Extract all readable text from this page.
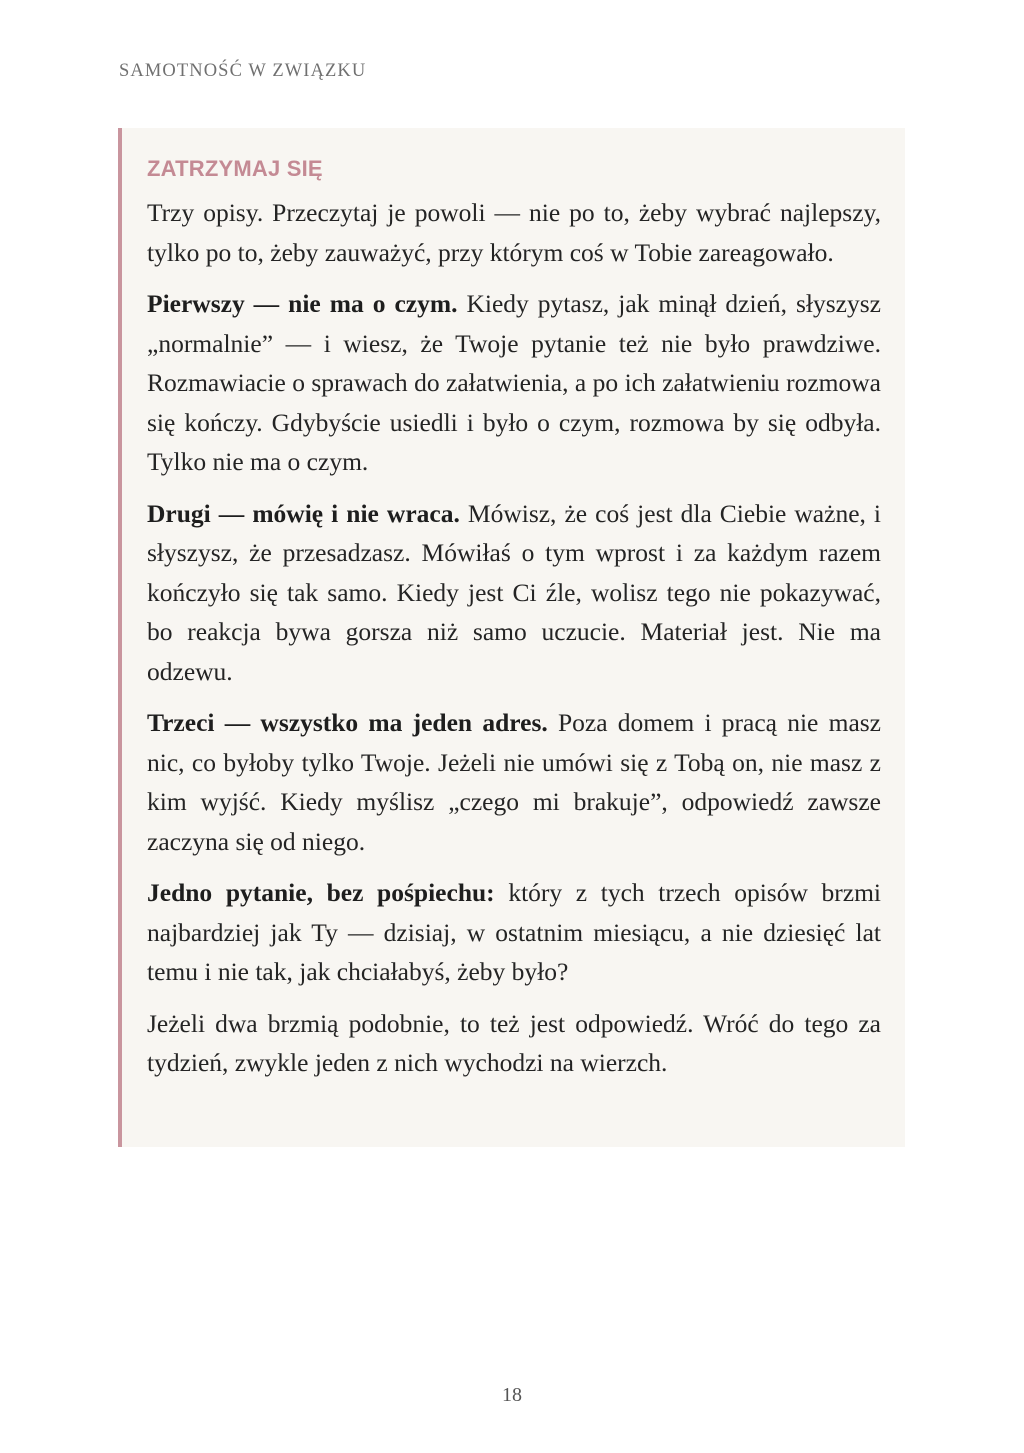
SAMOTNOŚĆ W ZWIĄZKU
ZATRZYMAJ SIĘ

Trzy opisy. Przeczytaj je powoli — nie po to, żeby wybrać najlepszy, tylko po to, żeby zauważyć, przy którym coś w Tobie zareagowało.

Pierwszy — nie ma o czym. Kiedy pytasz, jak minął dzień, słyszysz „normalnie” — i wiesz, że Twoje pytanie też nie było prawdziwe. Rozmawiacie o sprawach do załatwienia, a po ich załatwieniu rozmowa się kończy. Gdybyście usiedli i było o czym, rozmowa by się odbyła. Tylko nie ma o czym.

Drugi — mówię i nie wraca. Mówisz, że coś jest dla Ciebie ważne, i słyszysz, że przesadzasz. Mówiłaś o tym wprost i za każdym razem kończyło się tak samo. Kiedy jest Ci źle, wolisz tego nie pokazywać, bo reakcja bywa gorsza niż samo uczucie. Materiał jest. Nie ma odzewu.

Trzeci — wszystko ma jeden adres. Poza domem i pracą nie masz nic, co byłoby tylko Twoje. Jeżeli nie umówi się z Tobą on, nie masz z kim wyjść. Kiedy myślisz „czego mi brakuje”, odpowiedź zawsze zaczyna się od niego.

Jedno pytanie, bez pośpiechu: który z tych trzech opisów brzmi najbardziej jak Ty — dzisiaj, w ostatnim miesiącu, a nie dziesięć lat temu i nie tak, jak chciałabyś, żeby było?

Jeżeli dwa brzmią podobnie, to też jest odpowiedź. Wróć do tego za tydzień, zwykle jeden z nich wychodzi na wierzch.

18
